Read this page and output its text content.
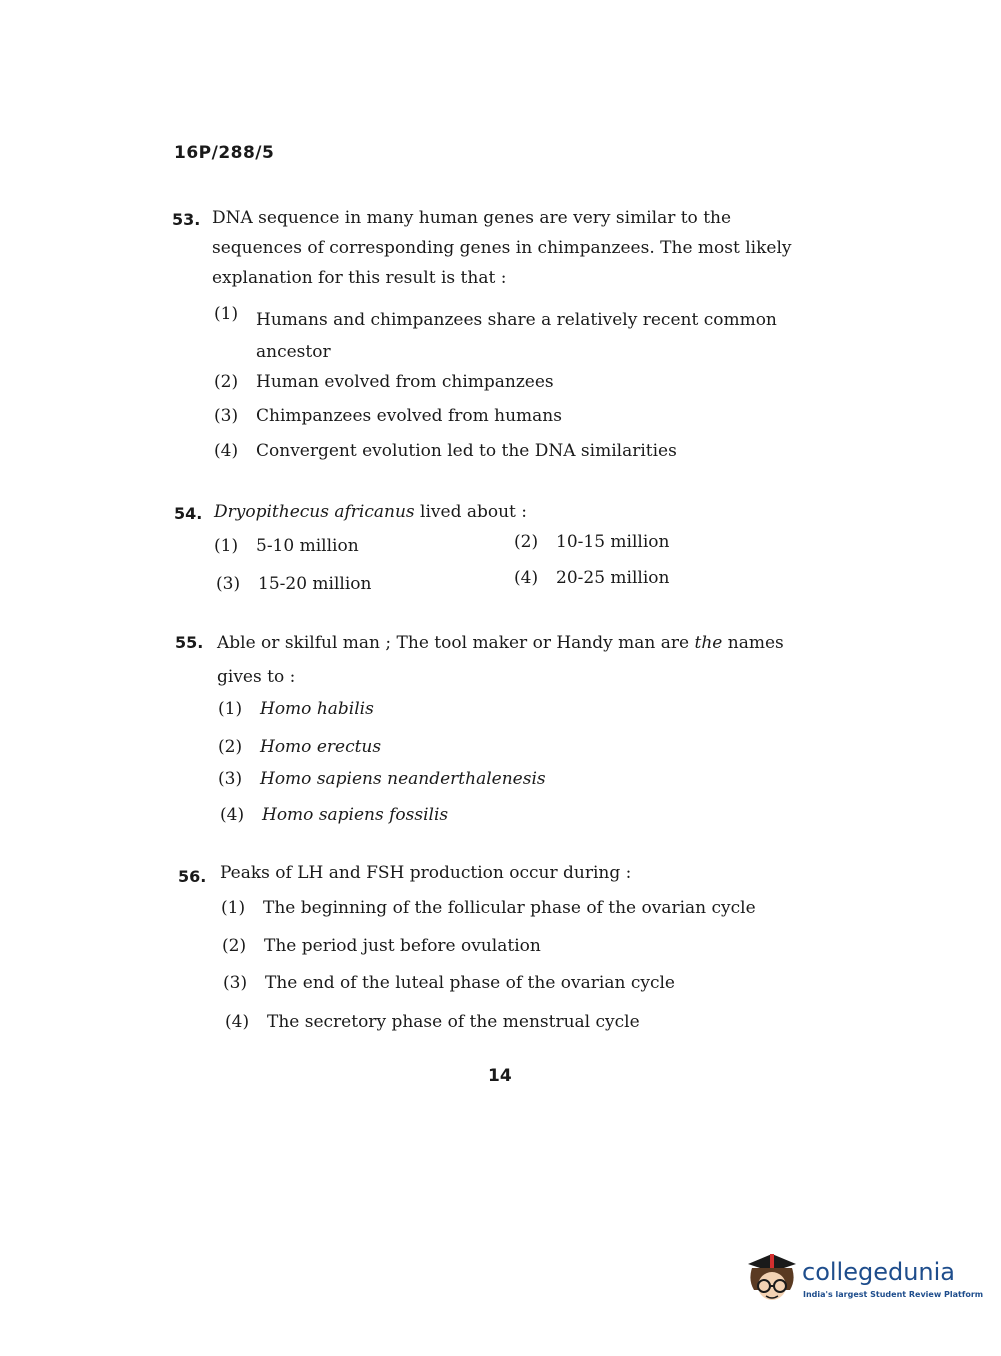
16P/288/5
53. DNA sequence in many human genes are very similar to the sequences of corresponding genes in chimpanzees. The most likely explanation for this result is that :
(1) Humans and chimpanzees share a relatively recent common ancestor
(2) Human evolved from chimpanzees
(3) Chimpanzees evolved from humans
(4) Convergent evolution led to the DNA similarities
54. Dryopithecus africanus lived about :
(1) 5-10 million	(2) 10-15 million
(3) 15-20 million	(4) 20-25 million
55. Able or skilful man ; The tool maker or Handy man are the names gives to :
(1) Homo habilis
(2) Homo erectus
(3) Homo sapiens neanderthalenesis
(4) Homo sapiens fossilis
56. Peaks of LH and FSH production occur during :
(1) The beginning of the follicular phase of the ovarian cycle
(2) The period just before ovulation
(3) The end of the luteal phase of the ovarian cycle
(4) The secretory phase of the menstrual cycle
14
collegedunia
India's largest Student Review Platform
